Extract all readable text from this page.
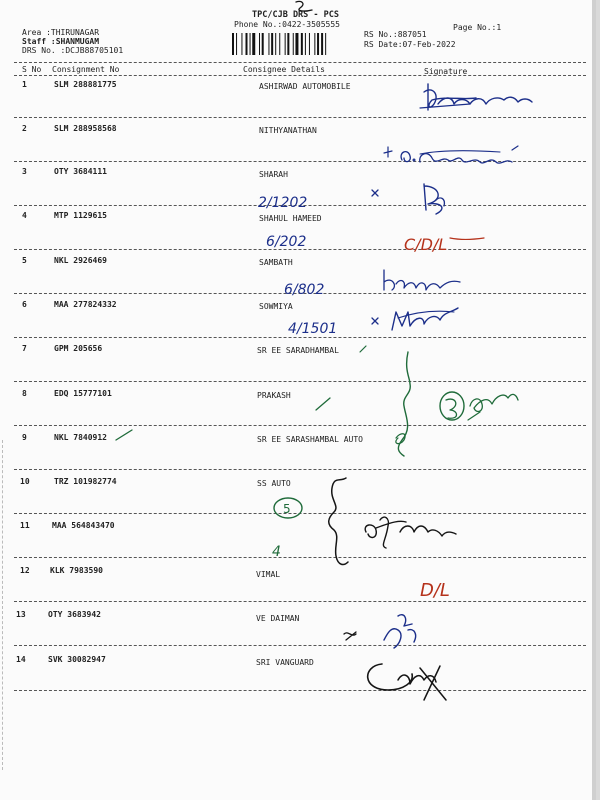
TPC/CJB DRS - PCS
Phone No.:0422-3505555	Page No.:1
Area :THIRUNAGAR
Staff :SHANMUGAM
DRS No. :DCJB88705101
RS No.:887051
RS Date:07-Feb-2022
S No Consignment No	Consignee Details	Signature
1	SLM 288881775	ASHIRWAD AUTOMOBILE
2	SLM 288958568	NITHYANATHAN
3	OTY 3684111	SHARAH
4	MTP 1129615	SHAHUL HAMEED
5	NKL 2926469	SAMBATH
6	MAA 277824332	SOWMIYA
7	GPM 205656	SR EE SARADHAMBAL
8	EDQ 15777101	PRAKASH
9	NKL 7840912	SR EE SARASHAMBAL AUTO
10	TRZ 101982774	SS AUTO
11	MAA 564843470
12	KLK 7983590	VIMAL
13	OTY 3683942	VE DAIMAN
14	SVK 30082947	SRI VANGUARD
2/1202
6/202	C/D/L
6/802
4/1501
5
4
D/L
